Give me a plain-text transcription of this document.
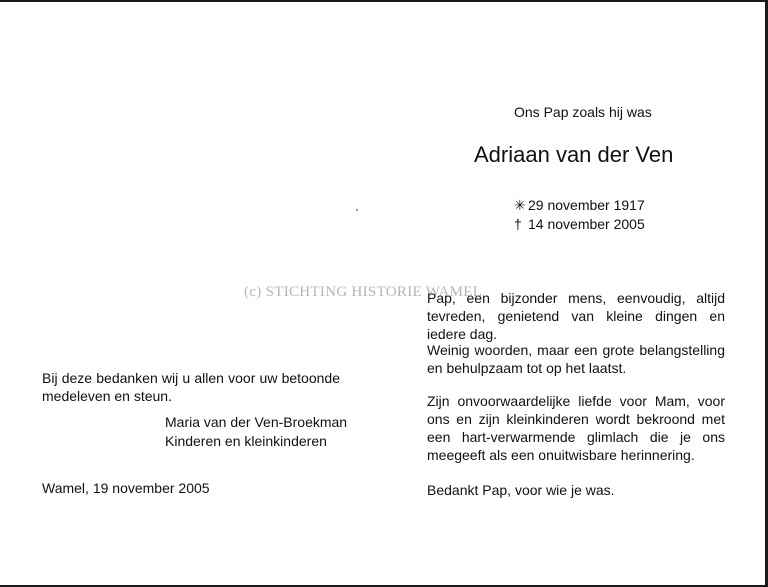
Ons Pap zoals hij was
Adriaan van der Ven
✳ 29 november 1917
† 14 november 2005
Pap, een bijzonder mens, eenvoudig, altijd tevreden, genietend van kleine dingen en iedere dag.
Weinig woorden, maar een grote belangstelling en behulpzaam tot op het laatst.
Zijn onvoorwaardelijke liefde voor Mam, voor ons en zijn kleinkinderen wordt bekroond met een hart-verwarmende glimlach die je ons meegeeft als een onuitwisbare herinnering.
Bedankt Pap, voor wie je was.
(c) STICHTING HISTORIE WAMEL
Bij deze bedanken wij u allen voor uw betoonde medeleven en steun.
Maria van der Ven-Broekman
Kinderen en kleinkinderen
Wamel, 19 november 2005
